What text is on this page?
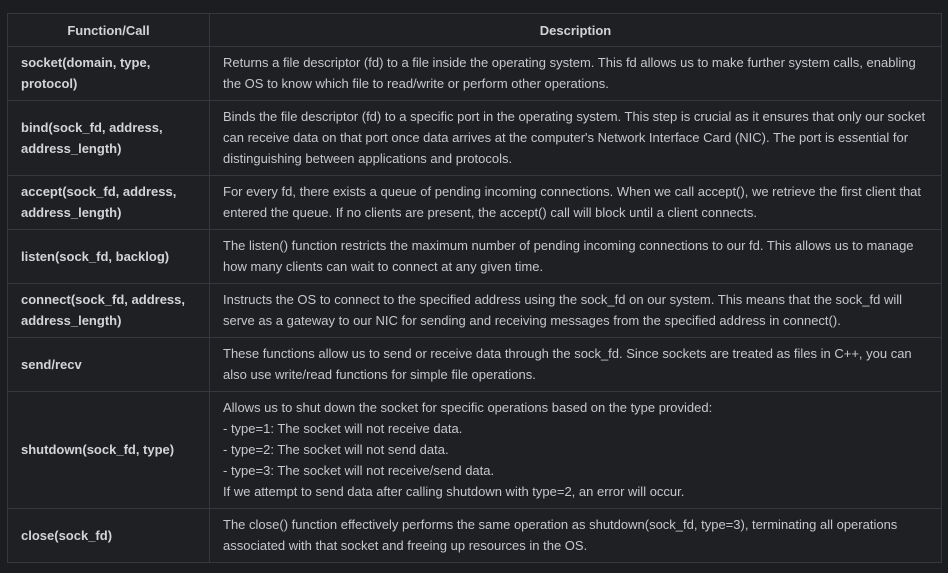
Function/Call	Description
socket(domain, type, protocol)	Returns a file descriptor (fd) to a file inside the operating system. This fd allows us to make further system calls, enabling the OS to know which file to read/write or perform other operations.

bind(sock_fd, address, address_length)	Binds the file descriptor (fd) to a specific port in the operating system. This step is crucial as it ensures that only our socket can receive data on that port once data arrives at the computer's Network Interface Card (NIC). The port is essential for distinguishing between applications and protocols.

accept(sock_fd, address, address_length)	For every fd, there exists a queue of pending incoming connections. When we call accept(), we retrieve the first client that entered the queue. If no clients are present, the accept() call will block until a client connects.

listen(sock_fd, backlog)	The listen() function restricts the maximum number of pending incoming connections to our fd. This allows us to manage how many clients can wait to connect at any given time.

connect(sock_fd, address, address_length)	Instructs the OS to connect to the specified address using the sock_fd on our system. This means that the sock_fd will serve as a gateway to our NIC for sending and receiving messages from the specified address in connect().

send/recv	These functions allow us to send or receive data through the sock_fd. Since sockets are treated as files in C++, you can also use write/read functions for simple file operations.

shutdown(sock_fd, type)	Allows us to shut down the socket for specific operations based on the type provided:
- type=1: The socket will not receive data.
- type=2: The socket will not send data.
- type=3: The socket will not receive/send data.
If we attempt to send data after calling shutdown with type=2, an error will occur.

close(sock_fd)	The close() function effectively performs the same operation as shutdown(sock_fd, type=3), terminating all operations associated with that socket and freeing up resources in the OS.
